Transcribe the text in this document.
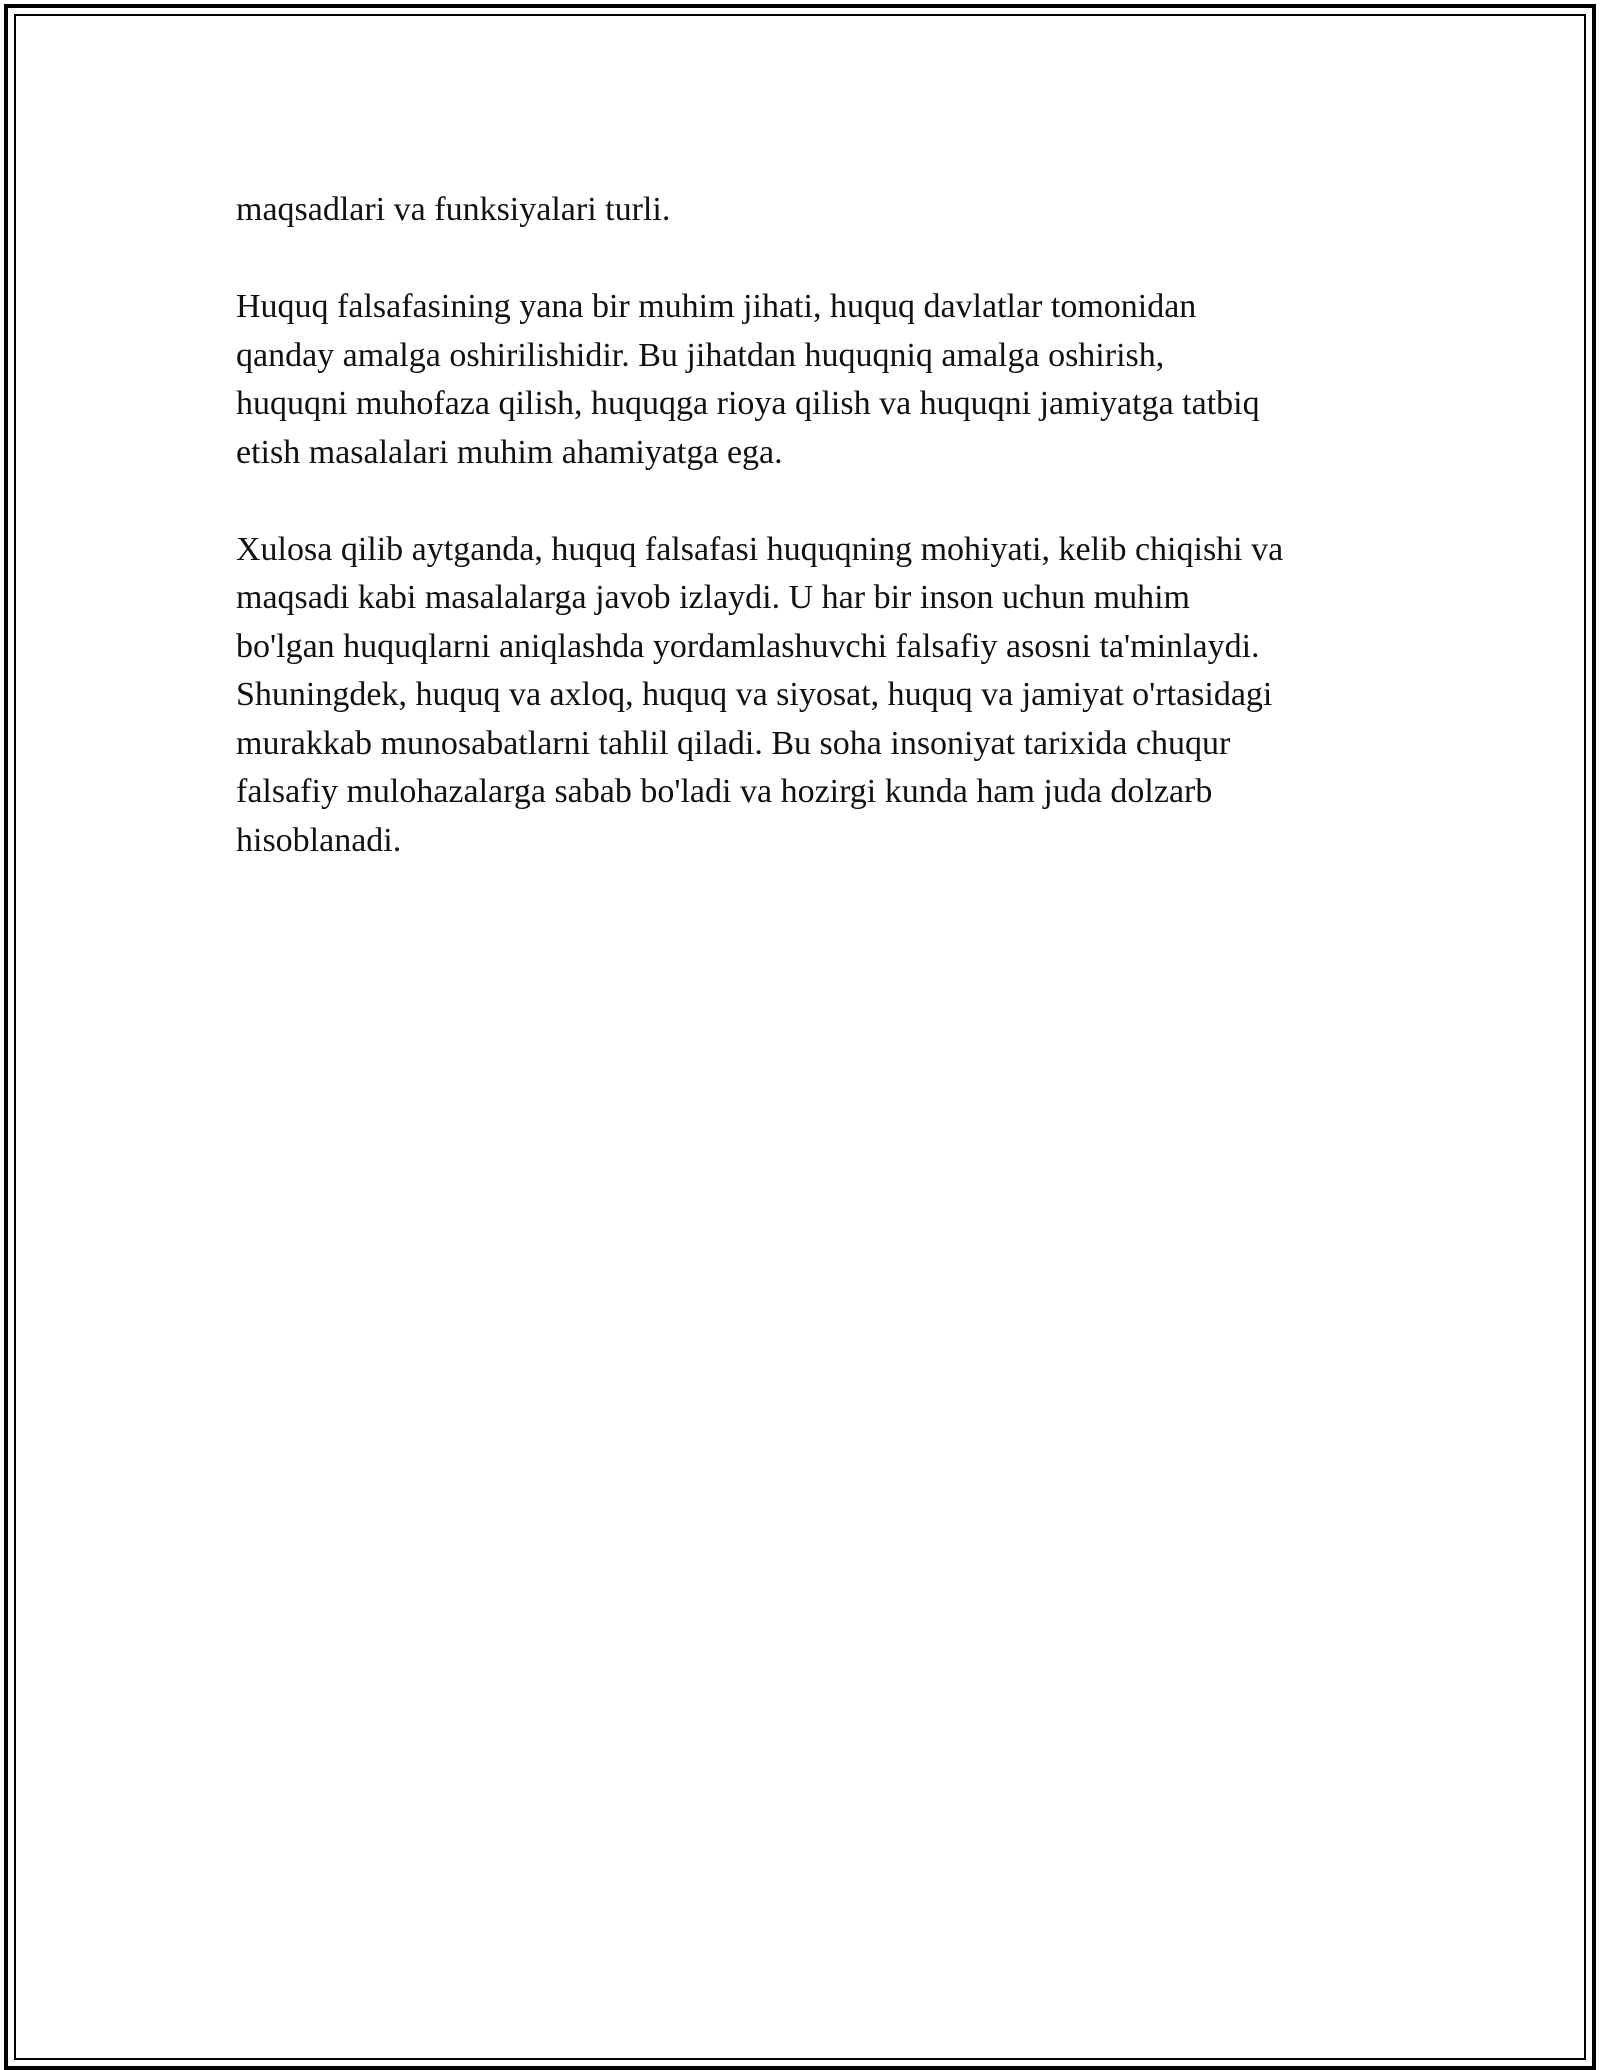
maqsadlari va funksiyalari turli.

Huquq falsafasining yana bir muhim jihati, huquq davlatlar tomonidan
qanday amalga oshirilishidir. Bu jihatdan huquqniq amalga oshirish,
huquqni muhofaza qilish, huquqga rioya qilish va huquqni jamiyatga tatbiq
etish masalalari muhim ahamiyatga ega.

Xulosa qilib aytganda, huquq falsafasi huquqning mohiyati, kelib chiqishi va
maqsadi kabi masalalarga javob izlaydi. U har bir inson uchun muhim
bo'lgan huquqlarni aniqlashda yordamlashuvchi falsafiy asosni ta'minlaydi.
Shuningdek, huquq va axloq, huquq va siyosat, huquq va jamiyat o'rtasidagi
murakkab munosabatlarni tahlil qiladi. Bu soha insoniyat tarixida chuqur
falsafiy mulohazalarga sabab bo'ladi va hozirgi kunda ham juda dolzarb
hisoblanadi.
